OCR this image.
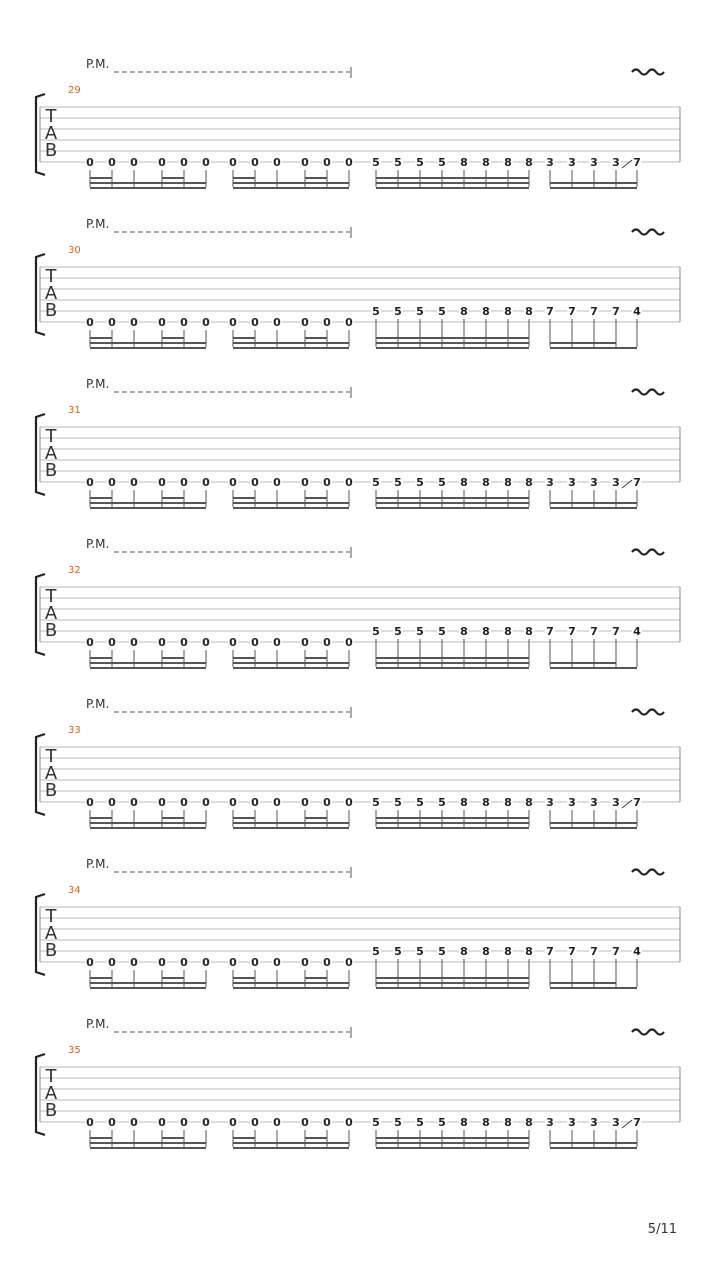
P.M.
29
T
A
B
0 0 0 0 0 0 0 0 0 0 0 0 5 5 5 5 8 8 8 8 3 3 3 3 7
P.M.
30
T
A
B
0 0 0 0 0 0 0 0 0 0 0 0
5 5 5 5 8 8 8 8 7 7 7 7 4
P.M.
31
T
A
B
0 0 0 0 0 0 0 0 0 0 0 0 5 5 5 5 8 8 8 8 3 3 3 3 7
P.M.
32
T
A
B
0 0 0 0 0 0 0 0 0 0 0 0
5 5 5 5 8 8 8 8 7 7 7 7 4
P.M.
33
T
A
B
0 0 0 0 0 0 0 0 0 0 0 0 5 5 5 5 8 8 8 8 3 3 3 3 7
P.M.
34
T
A
B
0 0 0 0 0 0 0 0 0 0 0 0
5 5 5 5 8 8 8 8 7 7 7 7 4
P.M.
35
T
A
B
0 0 0 0 0 0 0 0 0 0 0 0 5 5 5 5 8 8 8 8 3 3 3 3 7
5/11
